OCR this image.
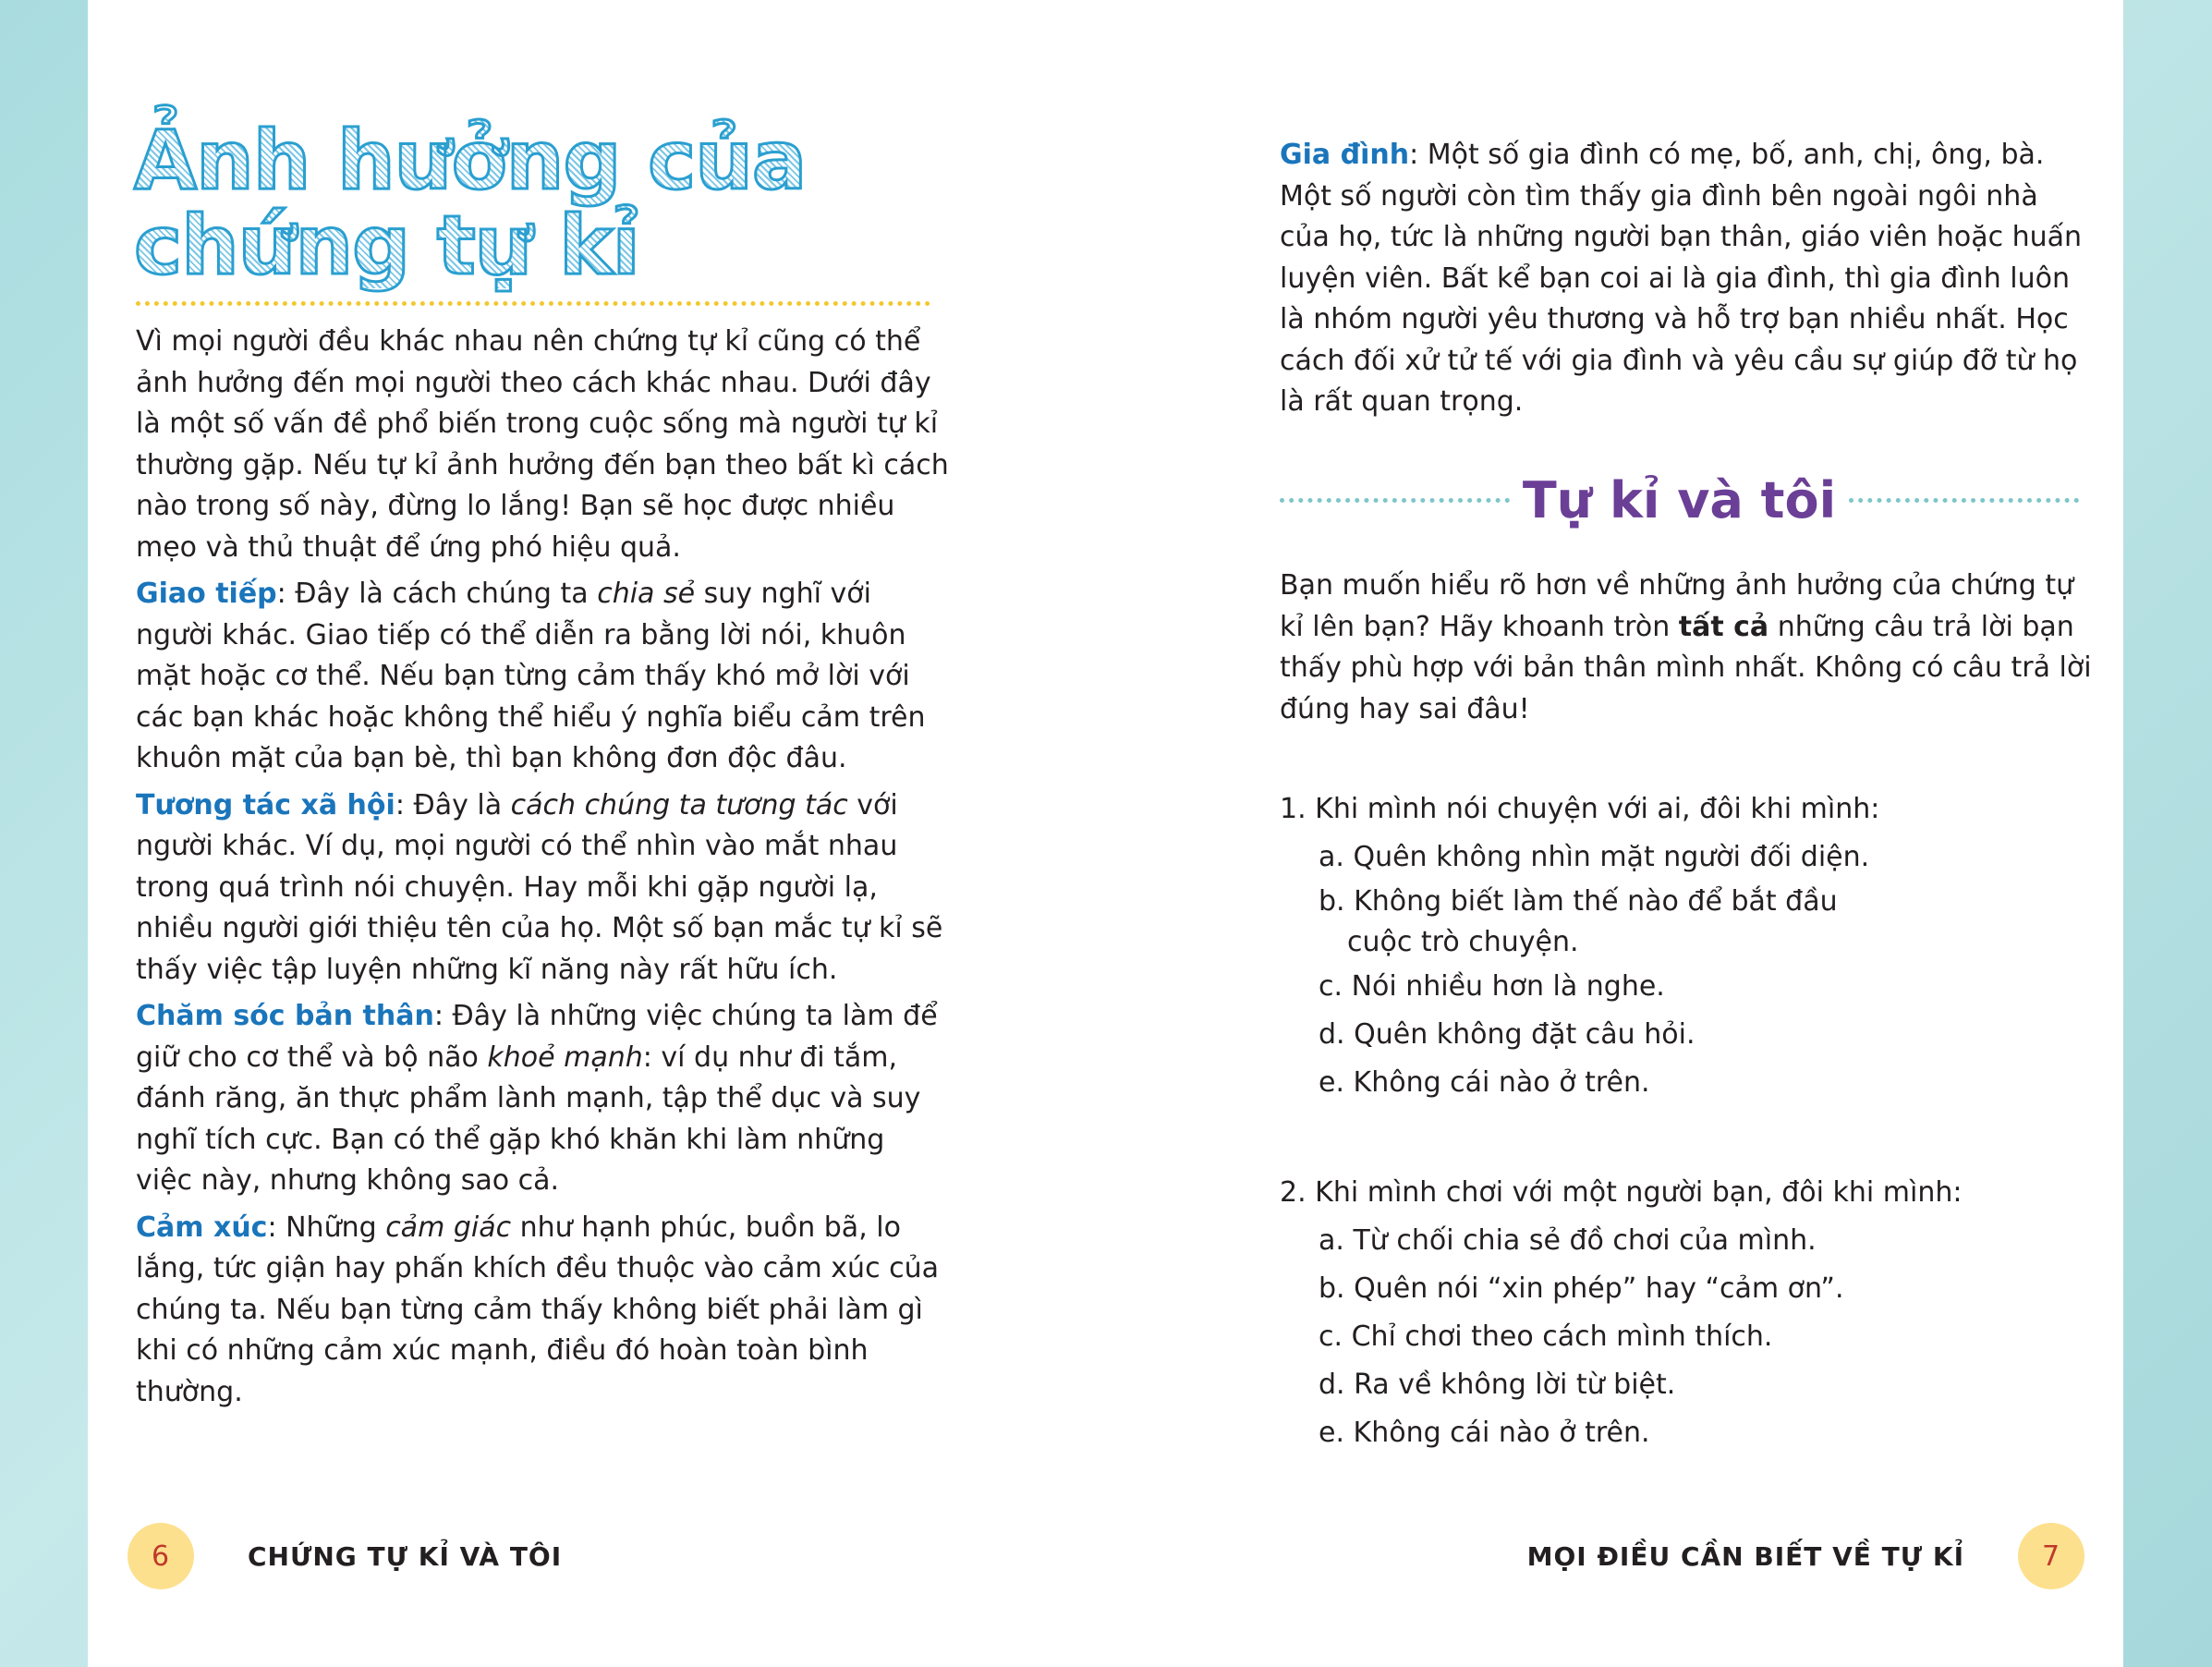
Ảnh hưởng của
chứng tự kỉ

Vì mọi người đều khác nhau nên chứng tự kỉ cũng có thể ảnh hưởng đến mọi người theo cách khác nhau. Dưới đây là một số vấn đề phổ biến trong cuộc sống mà người tự kỉ thường gặp. Nếu tự kỉ ảnh hưởng đến bạn theo bất kì cách nào trong số này, đừng lo lắng! Bạn sẽ học được nhiều mẹo và thủ thuật để ứng phó hiệu quả.

Giao tiếp: Đây là cách chúng ta chia sẻ suy nghĩ với người khác. Giao tiếp có thể diễn ra bằng lời nói, khuôn mặt hoặc cơ thể. Nếu bạn từng cảm thấy khó mở lời với các bạn khác hoặc không thể hiểu ý nghĩa biểu cảm trên khuôn mặt của bạn bè, thì bạn không đơn độc đâu.

Tương tác xã hội: Đây là cách chúng ta tương tác với người khác. Ví dụ, mọi người có thể nhìn vào mắt nhau trong quá trình nói chuyện. Hay mỗi khi gặp người lạ, nhiều người giới thiệu tên của họ. Một số bạn mắc tự kỉ sẽ thấy việc tập luyện những kĩ năng này rất hữu ích.

Chăm sóc bản thân: Đây là những việc chúng ta làm để giữ cho cơ thể và bộ não khoẻ mạnh: ví dụ như đi tắm, đánh răng, ăn thực phẩm lành mạnh, tập thể dục và suy nghĩ tích cực. Bạn có thể gặp khó khăn khi làm những việc này, nhưng không sao cả.

Cảm xúc: Những cảm giác như hạnh phúc, buồn bã, lo lắng, tức giận hay phấn khích đều thuộc vào cảm xúc của chúng ta. Nếu bạn từng cảm thấy không biết phải làm gì khi có những cảm xúc mạnh, điều đó hoàn toàn bình thường.

Gia đình: Một số gia đình có mẹ, bố, anh, chị, ông, bà. Một số người còn tìm thấy gia đình bên ngoài ngôi nhà của họ, tức là những người bạn thân, giáo viên hoặc huấn luyện viên. Bất kể bạn coi ai là gia đình, thì gia đình luôn là nhóm người yêu thương và hỗ trợ bạn nhiều nhất. Học cách đối xử tử tế với gia đình và yêu cầu sự giúp đỡ từ họ là rất quan trọng.

Tự kỉ và tôi

Bạn muốn hiểu rõ hơn về những ảnh hưởng của chứng tự kỉ lên bạn? Hãy khoanh tròn tất cả những câu trả lời bạn thấy phù hợp với bản thân mình nhất. Không có câu trả lời đúng hay sai đâu!

1. Khi mình nói chuyện với ai, đôi khi mình:
a. Quên không nhìn mặt người đối diện.
b. Không biết làm thế nào để bắt đầu cuộc trò chuyện.
c. Nói nhiều hơn là nghe.
d. Quên không đặt câu hỏi.
e. Không cái nào ở trên.
2. Khi mình chơi với một người bạn, đôi khi mình:
a. Từ chối chia sẻ đồ chơi của mình.
b. Quên nói “xin phép” hay “cảm ơn”.
c. Chỉ chơi theo cách mình thích.
d. Ra về không lời từ biệt.
e. Không cái nào ở trên.
6	CHỨNG TỰ KỈ VÀ TÔI	MỌI ĐIỀU CẦN BIẾT VỀ TỰ KỈ	7
